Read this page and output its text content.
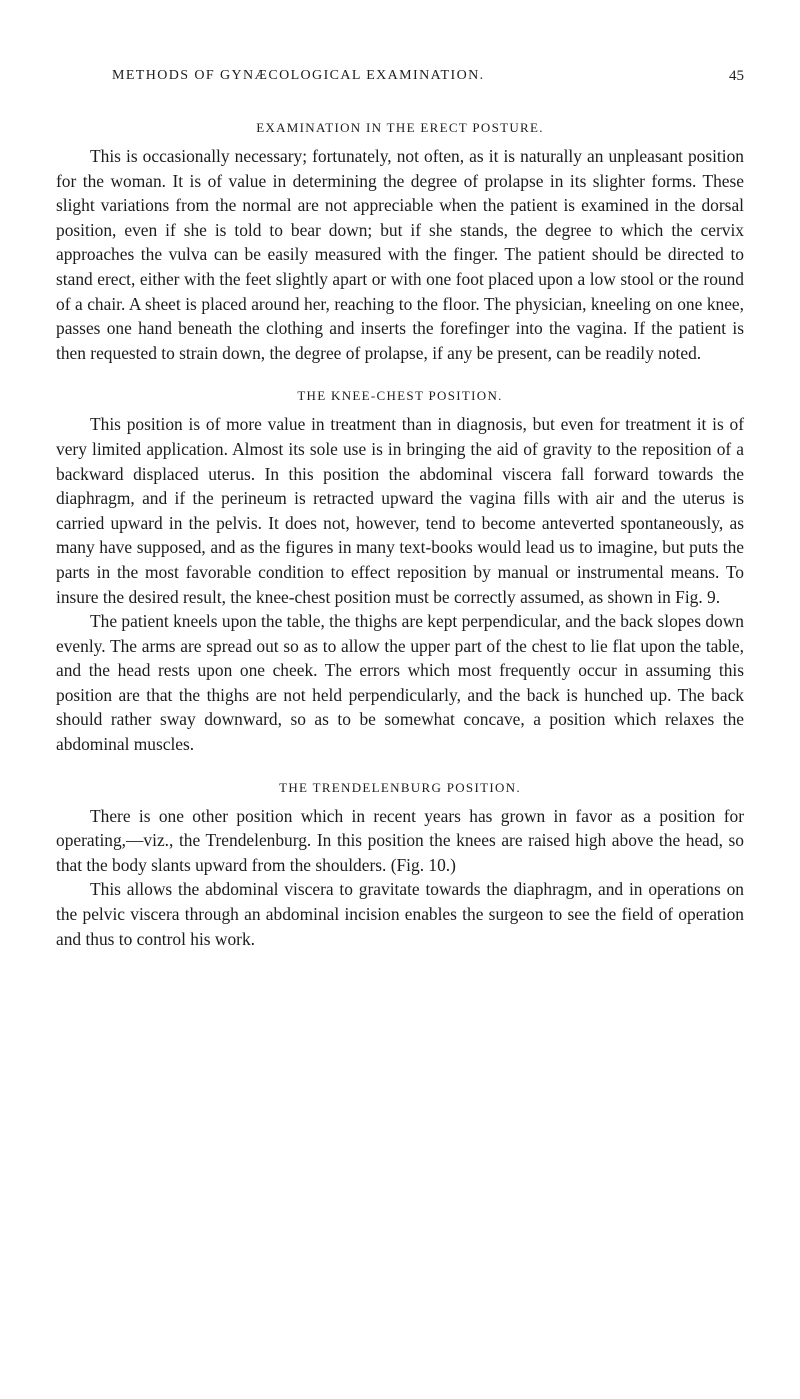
METHODS OF GYNÆCOLOGICAL EXAMINATION.	45
EXAMINATION IN THE ERECT POSTURE.

This is occasionally necessary; fortunately, not often, as it is naturally an unpleasant position for the woman. It is of value in determining the degree of prolapse in its slighter forms. These slight variations from the normal are not appreciable when the patient is examined in the dorsal position, even if she is told to bear down; but if she stands, the degree to which the cervix approaches the vulva can be easily measured with the finger. The patient should be directed to stand erect, either with the feet slightly apart or with one foot placed upon a low stool or the round of a chair. A sheet is placed around her, reaching to the floor. The physician, kneeling on one knee, passes one hand beneath the clothing and inserts the forefinger into the vagina. If the patient is then requested to strain down, the degree of prolapse, if any be present, can be readily noted.

THE KNEE-CHEST POSITION.

This position is of more value in treatment than in diagnosis, but even for treatment it is of very limited application. Almost its sole use is in bringing the aid of gravity to the reposition of a backward displaced uterus. In this position the abdominal viscera fall forward towards the diaphragm, and if the perineum is retracted upward the vagina fills with air and the uterus is carried upward in the pelvis. It does not, however, tend to become anteverted spontaneously, as many have supposed, and as the figures in many text-books would lead us to imagine, but puts the parts in the most favorable condition to effect reposition by manual or instrumental means. To insure the desired result, the knee-chest position must be correctly assumed, as shown in Fig. 9.

The patient kneels upon the table, the thighs are kept perpendicular, and the back slopes down evenly. The arms are spread out so as to allow the upper part of the chest to lie flat upon the table, and the head rests upon one cheek. The errors which most frequently occur in assuming this position are that the thighs are not held perpendicularly, and the back is hunched up. The back should rather sway downward, so as to be somewhat concave, a position which relaxes the abdominal muscles.

THE TRENDELENBURG POSITION.

There is one other position which in recent years has grown in favor as a position for operating,—viz., the Trendelenburg. In this position the knees are raised high above the head, so that the body slants upward from the shoulders. (Fig. 10.)

This allows the abdominal viscera to gravitate towards the diaphragm, and in operations on the pelvic viscera through an abdominal incision enables the surgeon to see the field of operation and thus to control his work.
